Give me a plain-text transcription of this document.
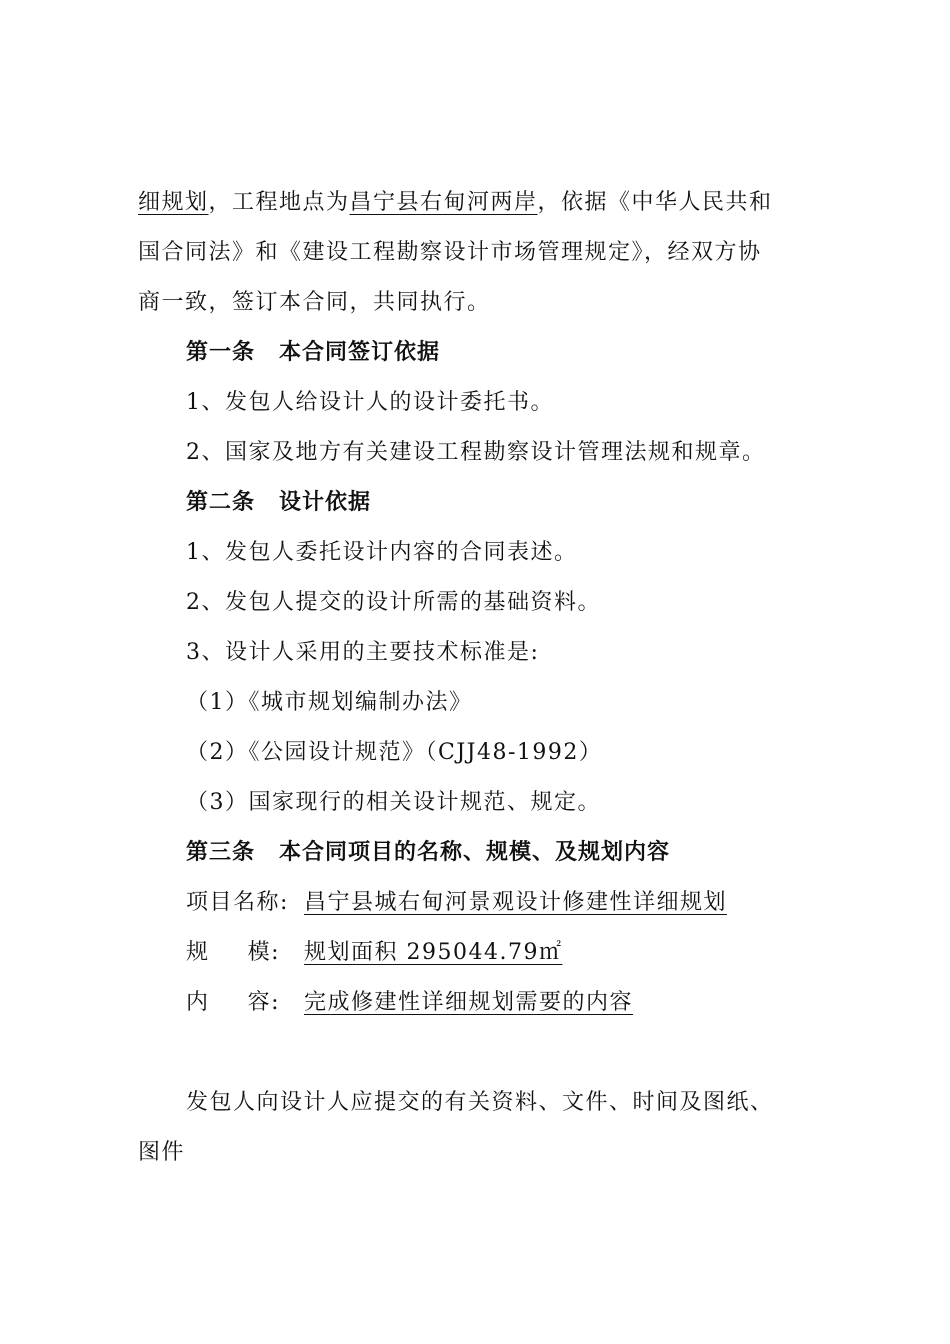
细规划，工程地点为昌宁县右甸河两岸，依据《中华人民共和
国合同法》和《建设工程勘察设计市场管理规定》，经双方协
商一致，签订本合同，共同执行。
第一条 本合同签订依据
1、发包人给设计人的设计委托书。
2、国家及地方有关建设工程勘察设计管理法规和规章。
第二条 设计依据
1、发包人委托设计内容的合同表述。
2、发包人提交的设计所需的基础资料。
3、设计人采用的主要技术标准是:
（1）《城市规划编制办法》
（2）《公园设计规范》（CJJ48-1992）
（3）国家现行的相关设计规范、规定。
第三条 本合同项目的名称、规模、及规划内容
项目名称: 昌宁县城右甸河景观设计修建性详细规划
规 模: 规划面积 295044.79㎡
内 容: 完成修建性详细规划需要的内容
发包人向设计人应提交的有关资料、文件、时间及图纸、
图件
